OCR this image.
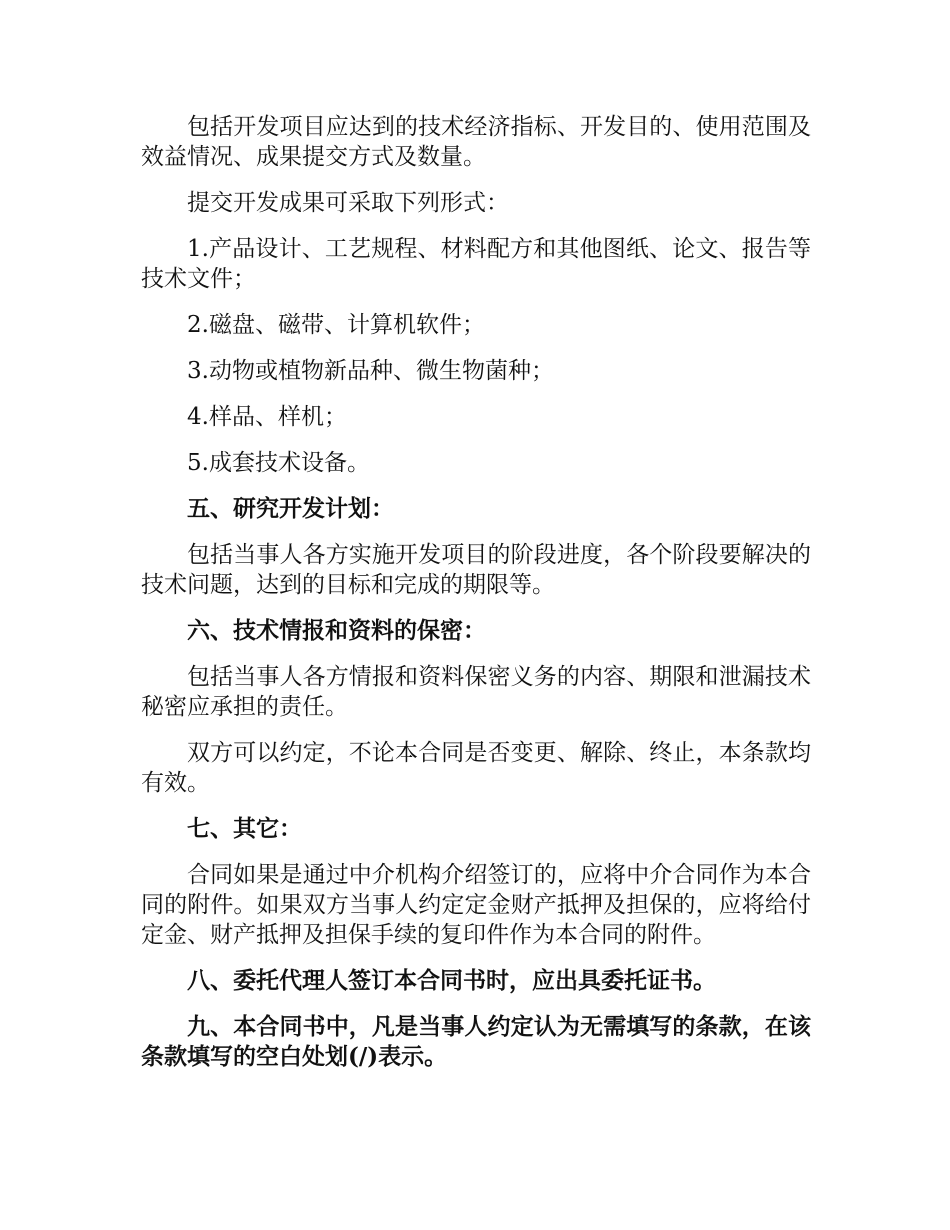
包括开发项目应达到的技术经济指标、开发目的、使用范围及效益情况、成果提交方式及数量。

提交开发成果可采取下列形式：

1.产品设计、工艺规程、材料配方和其他图纸、论文、报告等技术文件；

2.磁盘、磁带、计算机软件；

3.动物或植物新品种、微生物菌种；

4.样品、样机；

5.成套技术设备。

五、研究开发计划：

包括当事人各方实施开发项目的阶段进度，各个阶段要解决的技术问题，达到的目标和完成的期限等。

六、技术情报和资料的保密：

包括当事人各方情报和资料保密义务的内容、期限和泄漏技术秘密应承担的责任。

双方可以约定，不论本合同是否变更、解除、终止，本条款均有效。

七、其它：

合同如果是通过中介机构介绍签订的，应将中介合同作为本合同的附件。如果双方当事人约定定金财产抵押及担保的，应将给付定金、财产抵押及担保手续的复印件作为本合同的附件。

八、委托代理人签订本合同书时，应出具委托证书。

九、本合同书中，凡是当事人约定认为无需填写的条款，在该条款填写的空白处划(/)表示。
